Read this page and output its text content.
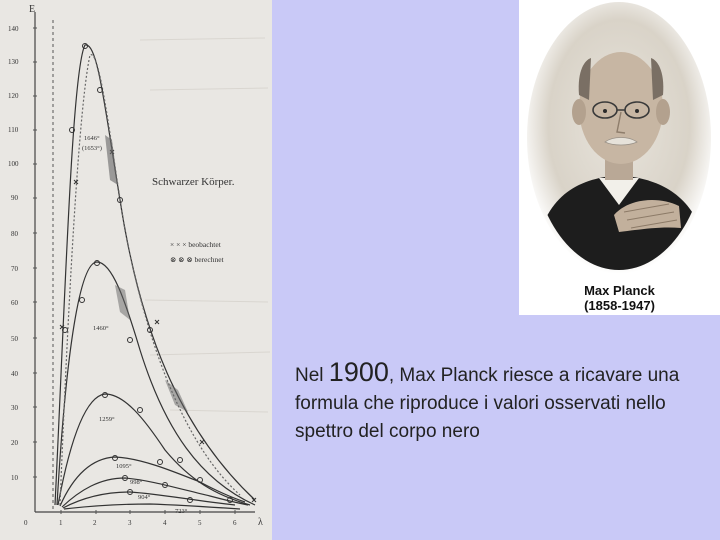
E
λ
140
130
120
110
100
90
80
70
60
50
40
30
20
10
0	1	2	3	4	5	6
1646°
(1653°)
1460°
1259°
1095°
998°
904°
723°
Schwarzer Körper.
× × × beobachtet
⊗ ⊗ ⊗ berechnet
Max Planck
(1858-1947)
Nel 1900, Max Planck riesce a ricavare una formula che riproduce i valori osservati nello spettro del corpo nero
